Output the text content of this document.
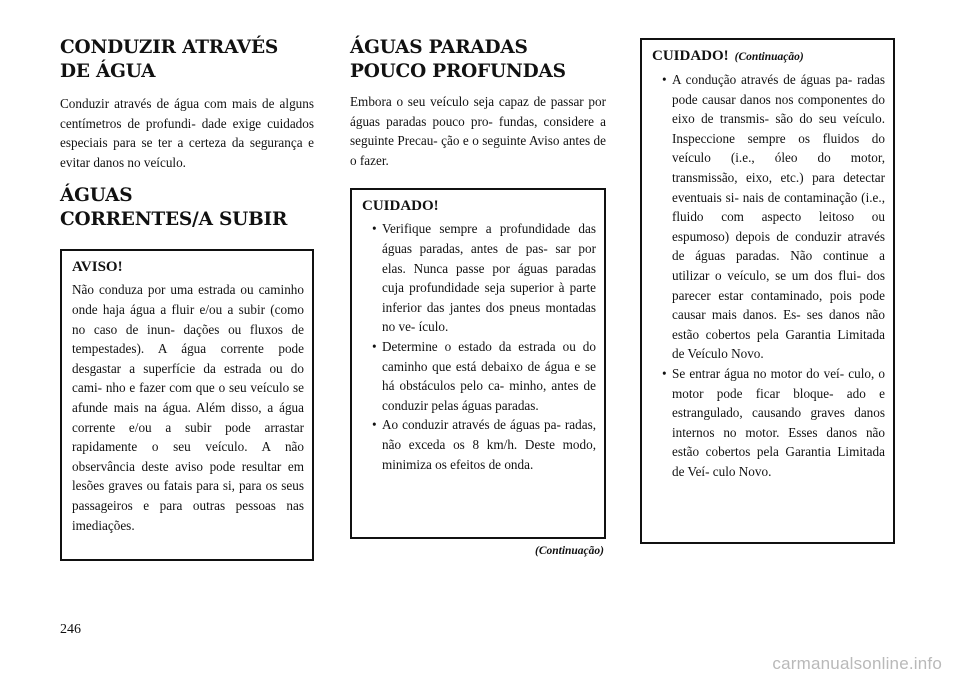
CONDUZIR ATRAVÉS DE ÁGUA

Conduzir através de água com mais de alguns centímetros de profundi- dade exige cuidados especiais para se ter a certeza da segurança e evitar danos no veículo.

ÁGUAS CORRENTES/A SUBIR
AVISO!

Não conduza por uma estrada ou caminho onde haja água a fluir e/ou a subir (como no caso de inun- dações ou fluxos de tempestades). A água corrente pode desgastar a superfície da estrada ou do cami- nho e fazer com que o seu veículo se afunde mais na água. Além disso, a água corrente e/ou a subir pode arrastar rapidamente o seu veículo. A não observância deste aviso pode resultar em lesões graves ou fatais para si, para os seus passageiros e para outras pessoas nas imediações.

ÁGUAS PARADAS POUCO PROFUNDAS

Embora o seu veículo seja capaz de passar por águas paradas pouco pro- fundas, considere a seguinte Precau- ção e o seguinte Aviso antes de o fazer.

CUIDADO!
• Verifique sempre a profundidade das águas paradas, antes de pas- sar por elas. Nunca passe por águas paradas cuja profundidade seja superior à parte inferior das jantes dos pneus montadas no ve- ículo.
• Determine o estado da estrada ou do caminho que está debaixo de água e se há obstáculos pelo ca- minho, antes de conduzir pelas águas paradas.
• Ao conduzir através de águas pa- radas, não exceda os 8 km/h. Deste modo, minimiza os efeitos de onda.
(Continuação)
CUIDADO! (Continuação)
• A condução através de águas pa- radas pode causar danos nos componentes do eixo de transmis- são do seu veículo. Inspeccione sempre os fluidos do veículo (i.e., óleo do motor, transmissão, eixo, etc.) para detectar eventuais si- nais de contaminação (i.e., fluido com aspecto leitoso ou espumoso) depois de conduzir através de águas paradas. Não continue a utilizar o veículo, se um dos flui- dos parecer estar contaminado, pois pode causar mais danos. Es- ses danos não estão cobertos pela Garantia Limitada de Veículo Novo.
• Se entrar água no motor do veí- culo, o motor pode ficar bloque- ado e estrangulado, causando graves danos internos no motor. Esses danos não estão cobertos pela Garantia Limitada de Veí- culo Novo.
246
carmanualsonline.info
